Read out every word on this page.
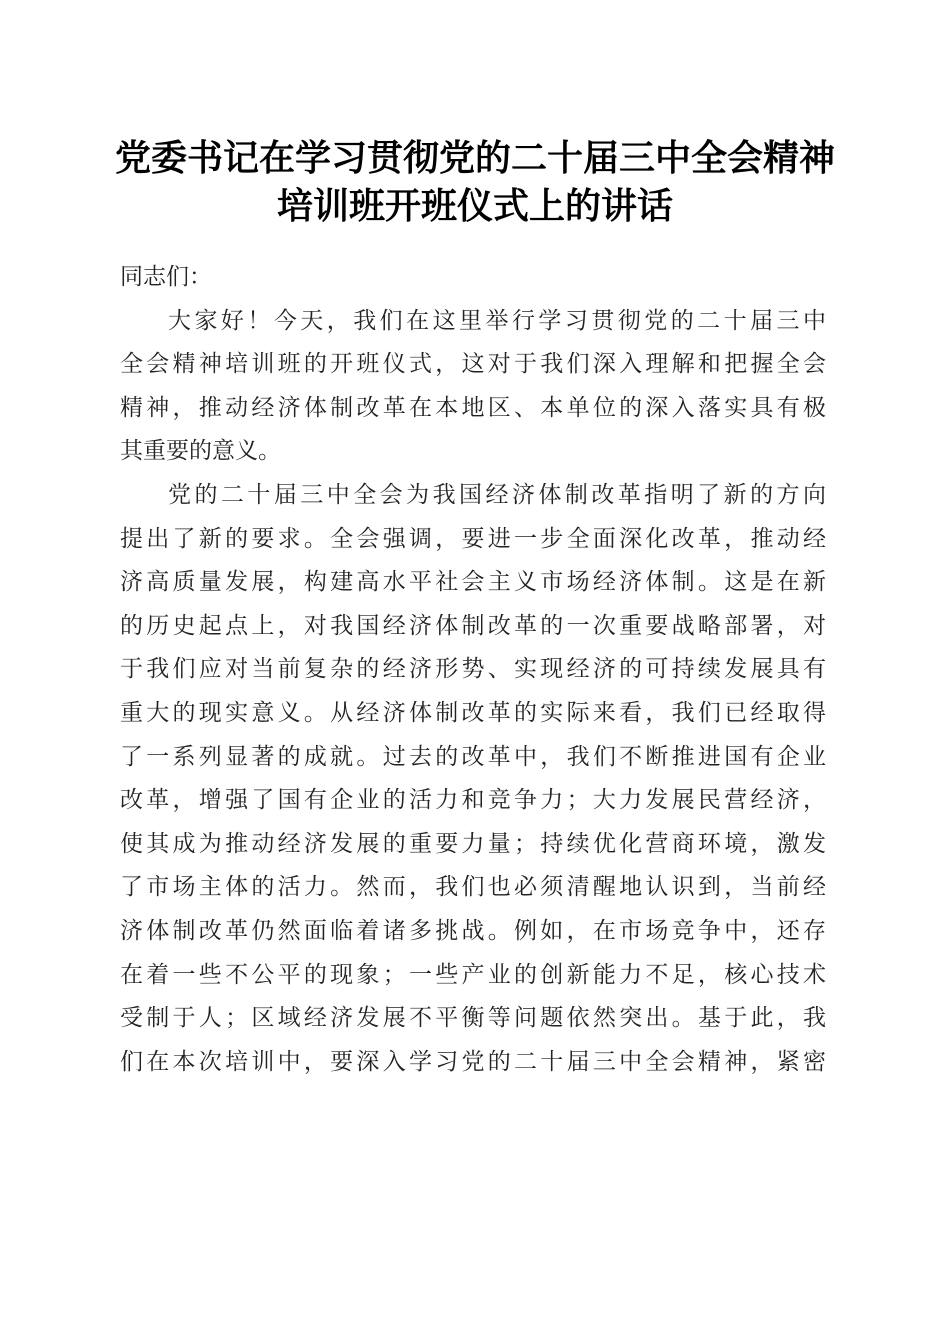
党委书记在学习贯彻党的二十届三中全会精神
培训班开班仪式上的讲话
同志们：
大家好！今天，我们在这里举行学习贯彻党的二十届三中
全会精神培训班的开班仪式，这对于我们深入理解和把握全会
精神，推动经济体制改革在本地区、本单位的深入落实具有极
其重要的意义。
党的二十届三中全会为我国经济体制改革指明了新的方向
提出了新的要求。全会强调，要进一步全面深化改革，推动经
济高质量发展，构建高水平社会主义市场经济体制。这是在新
的历史起点上，对我国经济体制改革的一次重要战略部署，对
于我们应对当前复杂的经济形势、实现经济的可持续发展具有
重大的现实意义。从经济体制改革的实际来看，我们已经取得
了一系列显著的成就。过去的改革中，我们不断推进国有企业
改革，增强了国有企业的活力和竞争力；大力发展民营经济，
使其成为推动经济发展的重要力量；持续优化营商环境，激发
了市场主体的活力。然而，我们也必须清醒地认识到，当前经
济体制改革仍然面临着诸多挑战。例如，在市场竞争中，还存
在着一些不公平的现象；一些产业的创新能力不足，核心技术
受制于人；区域经济发展不平衡等问题依然突出。基于此，我
们在本次培训中，要深入学习党的二十届三中全会精神，紧密
